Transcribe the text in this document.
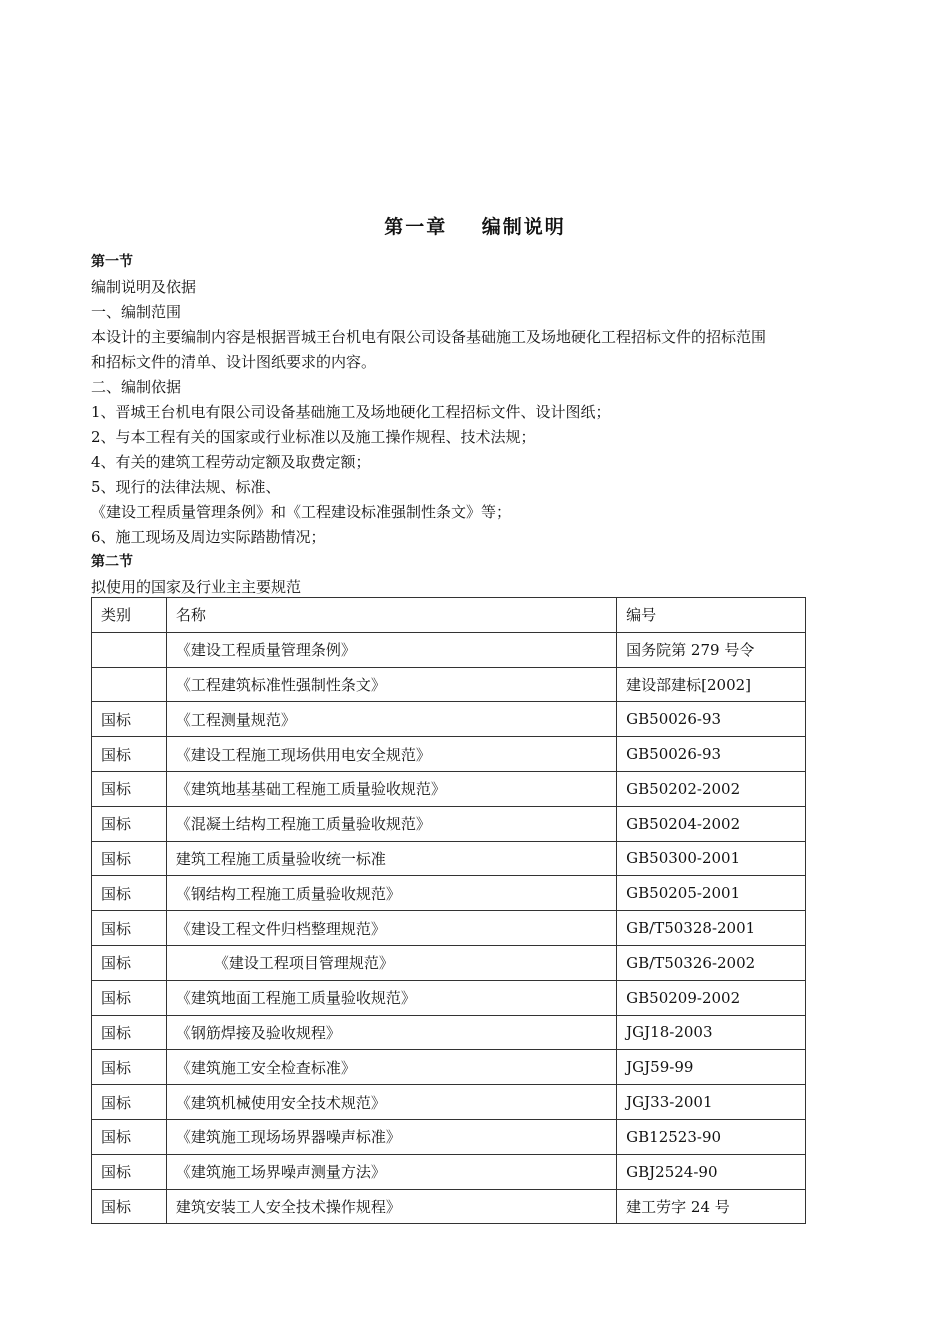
第一章    编制说明
第一节

编制说明及依据

一、编制范围

本设计的主要编制内容是根据晋城王台机电有限公司设备基础施工及场地硬化工程招标文件的招标范围

和招标文件的清单、设计图纸要求的内容。

二、编制依据

1、晋城王台机电有限公司设备基础施工及场地硬化工程招标文件、设计图纸；

2、与本工程有关的国家或行业标准以及施工操作规程、技术法规；

4、有关的建筑工程劳动定额及取费定额；

5、现行的法律法规、标准、

《建设工程质量管理条例》和《工程建设标准强制性条文》等；

6、施工现场及周边实际踏勘情况；

第二节

拟使用的国家及行业主主要规范

类别	名称	编号
	《建设工程质量管理条例》	国务院第 279 号令
	《工程建筑标准性强制性条文》	建设部建标[2002]
国标	《工程测量规范》	GB50026-93
国标	《建设工程施工现场供用电安全规范》	GB50026-93
国标	《建筑地基基础工程施工质量验收规范》	GB50202-2002
国标	《混凝土结构工程施工质量验收规范》	GB50204-2002
国标	建筑工程施工质量验收统一标准	GB50300-2001
国标	《钢结构工程施工质量验收规范》	GB50205-2001
国标	《建设工程文件归档整理规范》	GB/T50328-2001
国标	《建设工程项目管理规范》	GB/T50326-2002
国标	《建筑地面工程施工质量验收规范》	GB50209-2002
国标	《钢筋焊接及验收规程》	JGJ18-2003
国标	《建筑施工安全检查标准》	JGJ59-99
国标	《建筑机械使用安全技术规范》	JGJ33-2001
国标	《建筑施工现场场界器噪声标准》	GB12523-90
国标	《建筑施工场界噪声测量方法》	GBJ2524-90
国标	建筑安装工人安全技术操作规程》	建工劳字 24 号
